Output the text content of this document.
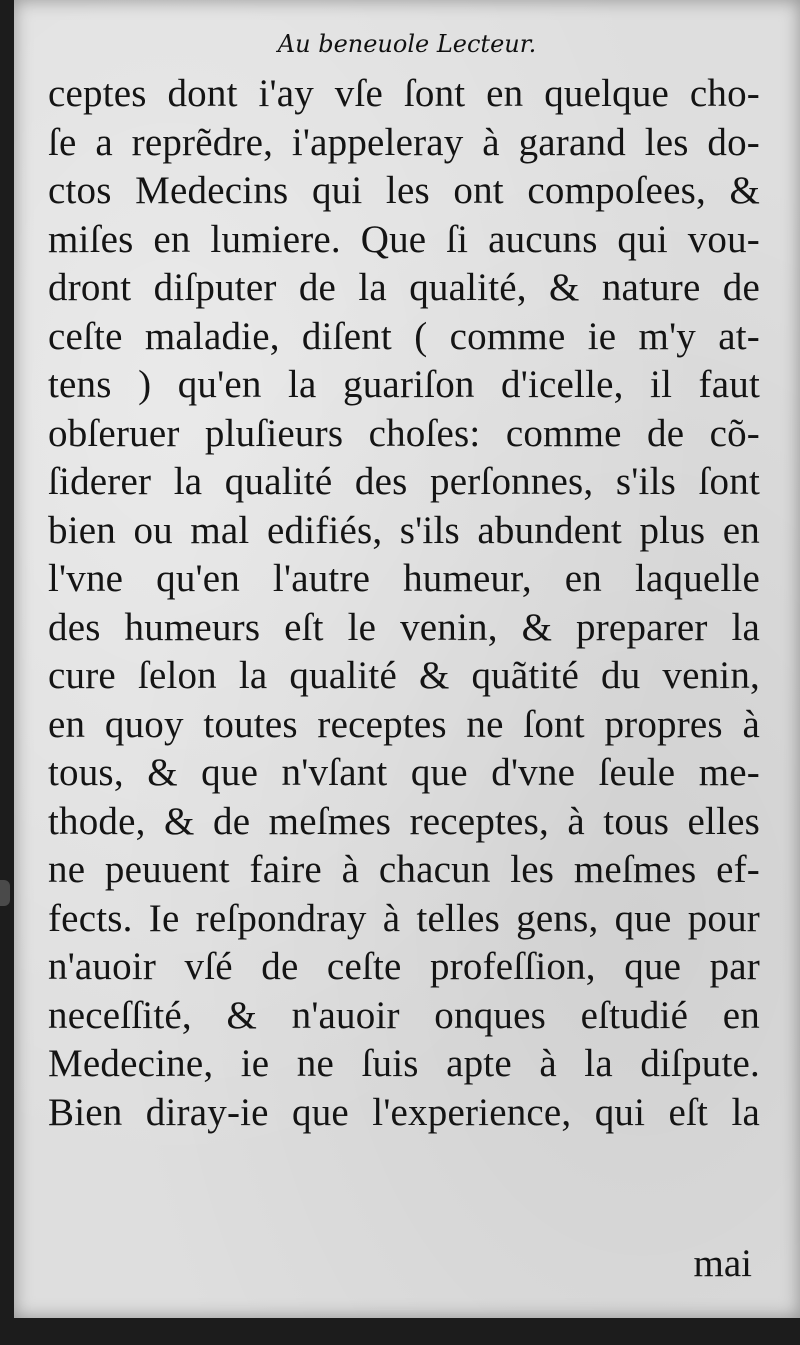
Au beneuole Lecteur.
ceptes dont i'ay vſe ſont en quelque cho-
ſe a reprẽdre, i'appeleray à garand les do-
ctos Medecins qui les ont compoſees, &
miſes en lumiere. Que ſi aucuns qui vou-
dront diſputer de la qualité, & nature de
ceſte maladie, diſent ( comme ie m'y at-
tens ) qu'en la guariſon d'icelle, il faut
obſeruer pluſieurs choſes: comme de cõ-
ſiderer la qualité des perſonnes, s'ils ſont
bien ou mal edifiés, s'ils abundent plus en
l'vne qu'en l'autre humeur, en laquelle
des humeurs eſt le venin, & preparer la
cure ſelon la qualité & quãtité du venin,
en quoy toutes receptes ne ſont propres à
tous, & que n'vſant que d'vne ſeule me-
thode, & de meſmes receptes, à tous elles
ne peuuent faire à chacun les meſmes ef-
fects. Ie reſpondray à telles gens, que pour
n'auoir vſé de ceſte profeſſion, que par
neceſſité, & n'auoir onques eſtudié en
Medecine, ie ne ſuis apte à la diſpute.
Bien diray-ie que l'experience, qui eſt la
mai
